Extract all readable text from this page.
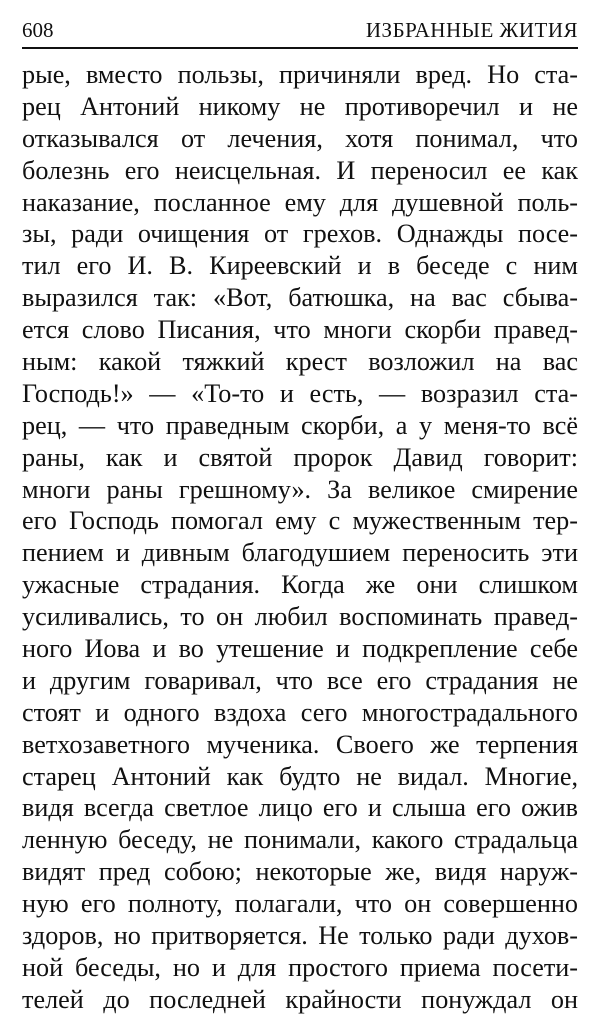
608	ИЗБРАННЫЕ ЖИТИЯ
рые, вместо пользы, причиняли вред. Но ста-
рец Антоний никому не противоречил и не
отказывался от лечения, хотя понимал, что
болезнь его неисцельная. И переносил ее как
наказание, посланное ему для душевной поль-
зы, ради очищения от грехов. Однажды посе-
тил его И. В. Киреевский и в беседе с ним
выразился так: «Вот, батюшка, на вас сбыва-
ется слово Писания, что многи скорби правед-
ным: какой тяжкий крест возложил на вас
Господь!» — «То-то и есть, — возразил ста-
рец, — что праведным скорби, а у меня-то всё
раны, как и святой пророк Давид говорит:
многи раны грешному». За великое смирение
его Господь помогал ему с мужественным тер-
пением и дивным благодушием переносить эти
ужасные страдания. Когда же они слишком
усиливались, то он любил воспоминать правед-
ного Иова и во утешение и подкрепление себе
и другим говаривал, что все его страдания не
стоят и одного вздоха сего многострадального
ветхозаветного мученика. Своего же терпения
старец Антоний как будто не видал. Многие,
видя всегда светлое лицо его и слыша его ожив
ленную беседу, не понимали, какого страдальца
видят пред собою; некоторые же, видя наруж-
ную его полноту, полагали, что он совершенно
здоров, но притворяется. Не только ради духов-
ной беседы, но и для простого приема посети-
телей до последней крайности понуждал он
